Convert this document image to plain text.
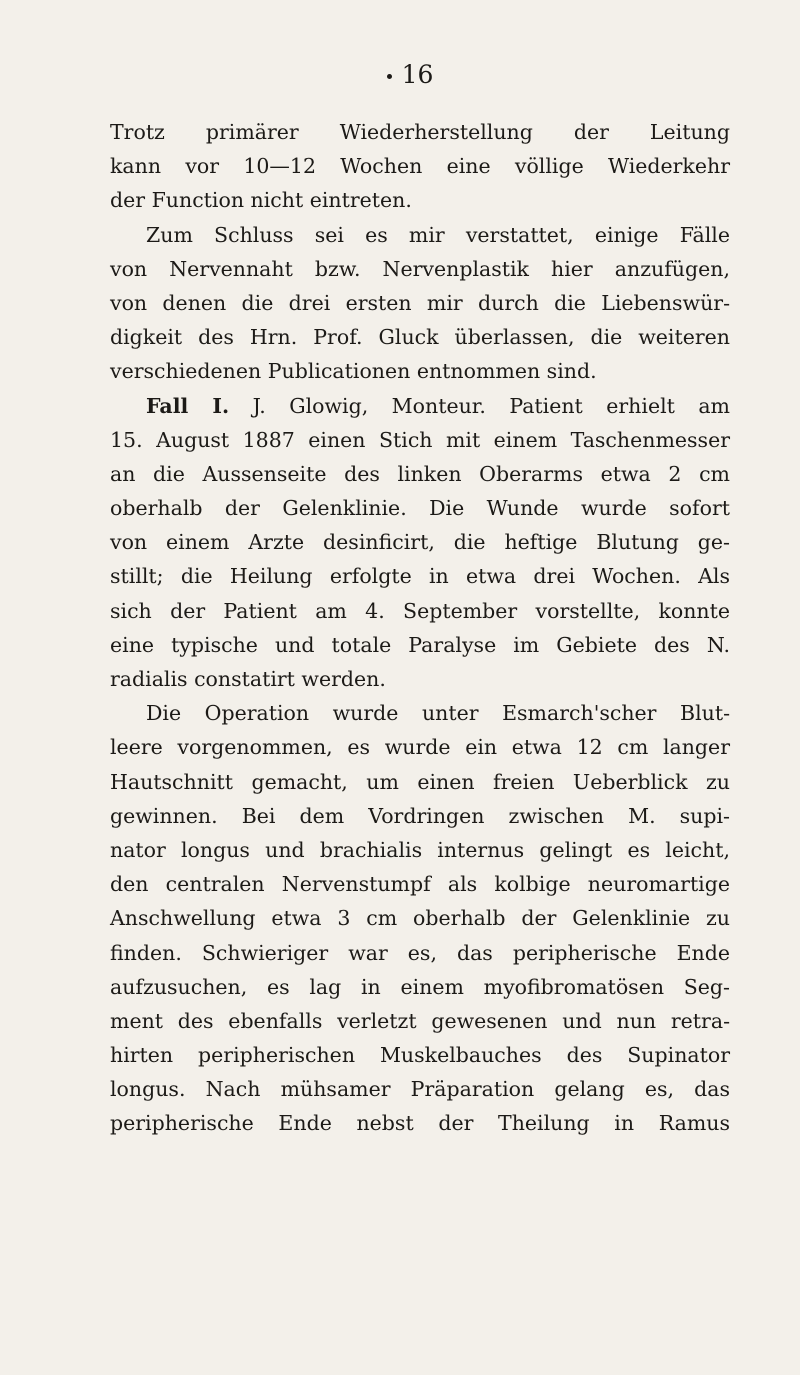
16
Trotz primärer Wiederherstellung der Leitung
kann vor 10—12 Wochen eine völlige Wiederkehr
der Function nicht eintreten.
Zum Schluss sei es mir verstattet, einige Fälle
von Nervennaht bzw. Nervenplastik hier anzufügen,
von denen die drei ersten mir durch die Liebenswür-
digkeit des Hrn. Prof. Gluck überlassen, die weiteren
verschiedenen Publicationen entnommen sind.
Fall I. J. Glowig, Monteur. Patient erhielt am
15. August 1887 einen Stich mit einem Taschenmesser
an die Aussenseite des linken Oberarms etwa 2 cm
oberhalb der Gelenklinie. Die Wunde wurde sofort
von einem Arzte desinficirt, die heftige Blutung ge-
stillt; die Heilung erfolgte in etwa drei Wochen. Als
sich der Patient am 4. September vorstellte, konnte
eine typische und totale Paralyse im Gebiete des N.
radialis constatirt werden.
Die Operation wurde unter Esmarch'scher Blut-
leere vorgenommen, es wurde ein etwa 12 cm langer
Hautschnitt gemacht, um einen freien Ueberblick zu
gewinnen. Bei dem Vordringen zwischen M. supi-
nator longus und brachialis internus gelingt es leicht,
den centralen Nervenstumpf als kolbige neuromartige
Anschwellung etwa 3 cm oberhalb der Gelenklinie zu
finden. Schwieriger war es, das peripherische Ende
aufzusuchen, es lag in einem myofibromatösen Seg-
ment des ebenfalls verletzt gewesenen und nun retra-
hirten peripherischen Muskelbauches des Supinator
longus. Nach mühsamer Präparation gelang es, das
peripherische Ende nebst der Theilung in Ramus
